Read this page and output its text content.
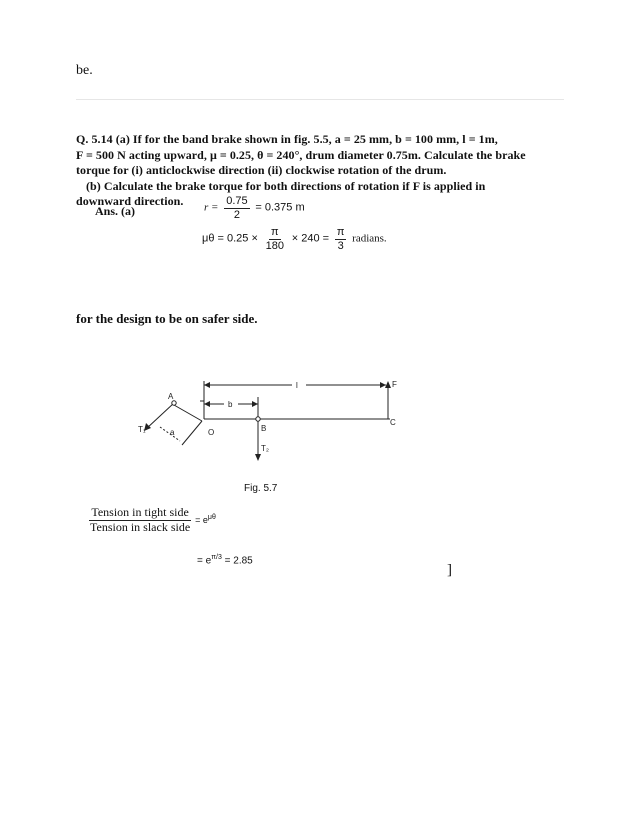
be.
Q. 5.14 (a) If for the band brake shown in fig. 5.5, a = 25 mm, b = 100 mm, l = 1m,
F = 500 N acting upward, μ = 0.25, θ = 240°, drum diameter 0.75m. Calculate the brake
torque for (i) anticlockwise direction (ii) clockwise rotation of the drum.
(b) Calculate the brake torque for both directions of rotation if F is applied in
downward direction.
Ans. (a)	$r = \frac{0.75}{2} = 0.375$ m
$\mu\theta = 0.25 \times \frac{\pi}{180} \times 240 = \frac{\pi}{3}$ radians.
for the design to be on safer side.
l	F
b
A
B
C
O
a
T₁
T₂
Fig. 5.7
$\frac{\text{Tension in tight side}}{\text{Tension in slack side}} = e^{\mu\theta}$
= $e^{\pi/3} = 2.85$
]
